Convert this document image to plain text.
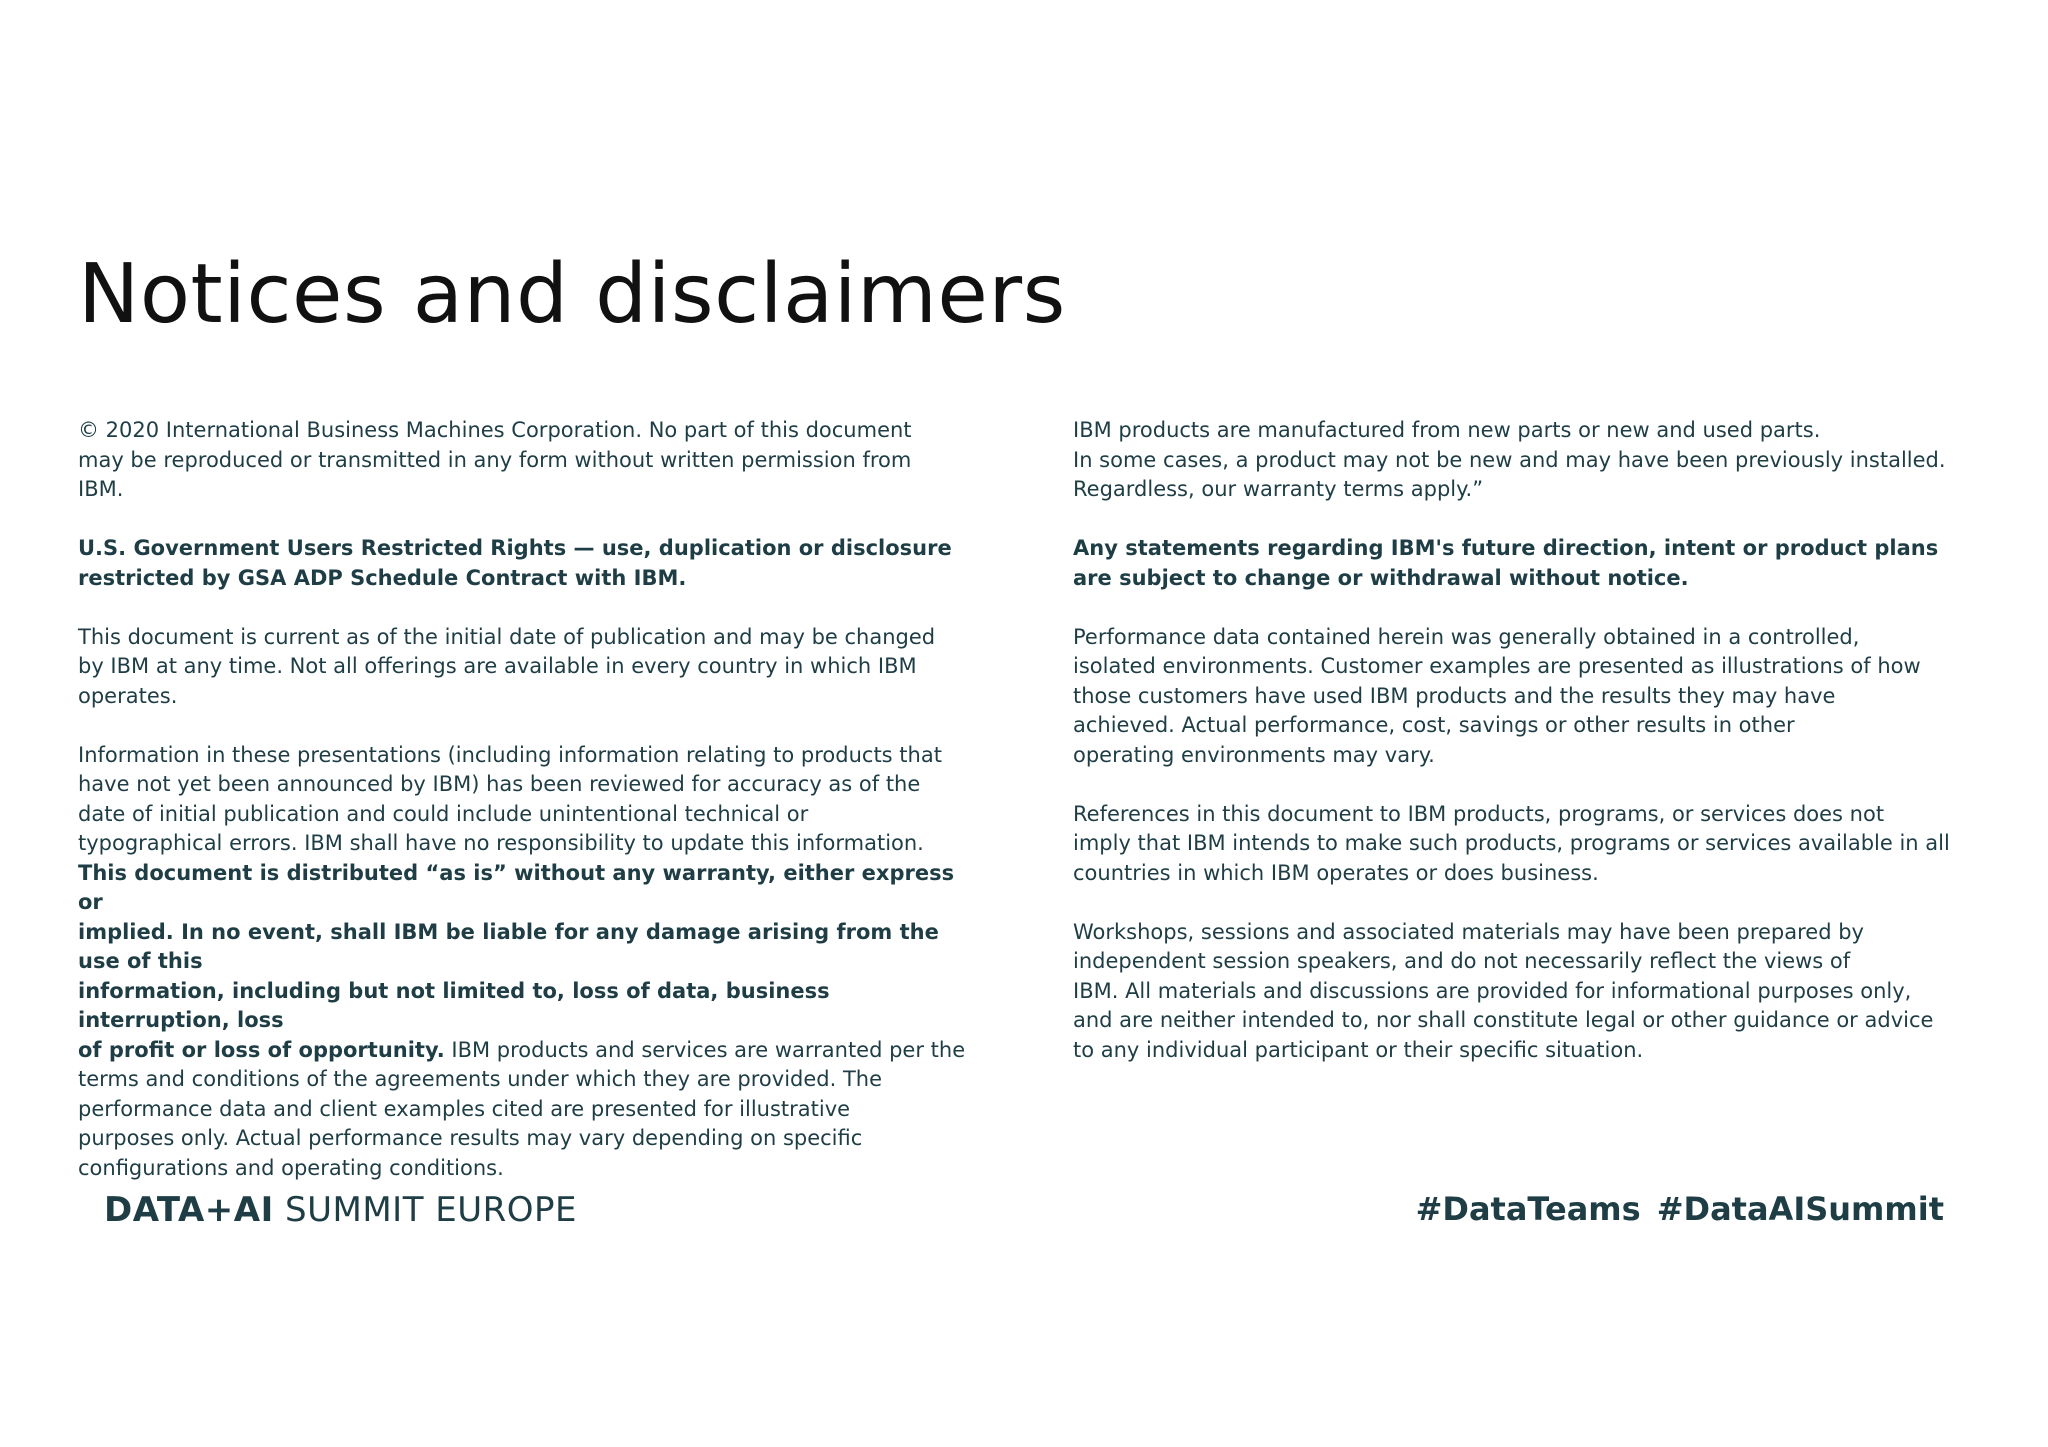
Notices and disclaimers

© 2020 International Business Machines Corporation. No part of this document
may be reproduced or transmitted in any form without written permission from
IBM.

U.S. Government Users Restricted Rights — use, duplication or disclosure
restricted by GSA ADP Schedule Contract with IBM.

This document is current as of the initial date of publication and may be changed
by IBM at any time. Not all offerings are available in every country in which IBM
operates.

Information in these presentations (including information relating to products that
have not yet been announced by IBM) has been reviewed for accuracy as of the
date of initial publication and could include unintentional technical or
typographical errors. IBM shall have no responsibility to update this information.
This document is distributed “as is” without any warranty, either express or
implied. In no event, shall IBM be liable for any damage arising from the use of this
information, including but not limited to, loss of data, business interruption, loss
of profit or loss of opportunity. IBM products and services are warranted per the
terms and conditions of the agreements under which they are provided. The
performance data and client examples cited are presented for illustrative
purposes only. Actual performance results may vary depending on specific
configurations and operating conditions.

IBM products are manufactured from new parts or new and used parts.
In some cases, a product may not be new and may have been previously installed.
Regardless, our warranty terms apply.”

Any statements regarding IBM's future direction, intent or product plans
are subject to change or withdrawal without notice.

Performance data contained herein was generally obtained in a controlled,
isolated environments. Customer examples are presented as illustrations of how
those customers have used IBM products and the results they may have
achieved. Actual performance, cost, savings or other results in other
operating environments may vary.

References in this document to IBM products, programs, or services does not
imply that IBM intends to make such products, programs or services available in all
countries in which IBM operates or does business.

Workshops, sessions and associated materials may have been prepared by
independent session speakers, and do not necessarily reflect the views of
IBM. All materials and discussions are provided for informational purposes only,
and are neither intended to, nor shall constitute legal or other guidance or advice
to any individual participant or their specific situation.

DATA+AI SUMMIT EUROPE	#DataTeams #DataAISummit
